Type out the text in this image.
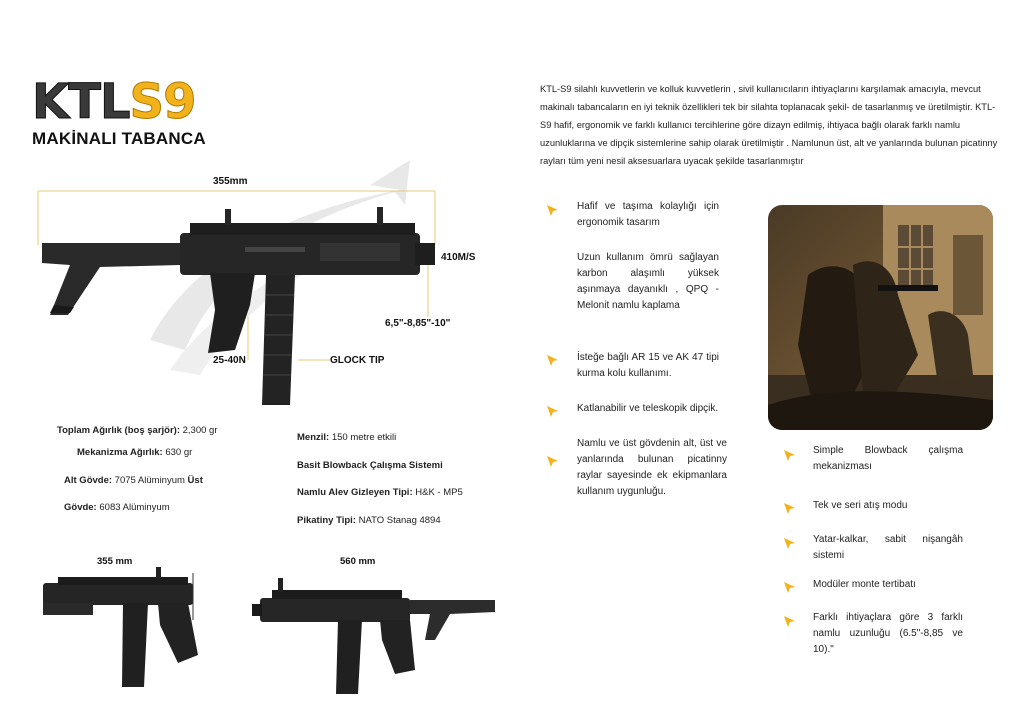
KTLS9
MAKİNALI TABANCA
KTL-S9 silahlı kuvvetlerin ve kolluk kuvvetlerin , sivil kullanıcıların ihtiyaçlarını karşılamak amacıyla, mevcut makinalı tabancaların en iyi teknik özellikleri tek bir silahta toplanacak şekil- de tasarlanmış ve üretilmiştir. KTL-S9 hafif, ergonomik ve farklı kullanıcı tercihlerine göre dizayn edilmiş, ihtiyaca bağlı olarak farklı namlu uzunluklarına ve dipçik sistemlerine sahip olarak üretilmiştir . Namlunun üst, alt ve yanlarında bulunan picatinny rayları tüm yeni nesil aksesuarlara uyacak şekilde tasarlanmıştır
355mm
410M/S
6,5"-8,85"-10"
25-40N	GLOCK TIP
Toplam Ağırlık (boş şarjör): 2,300 gr
Mekanizma Ağırlık: 630 gr
Alt Gövde: 7075 Alüminyum Üst
Gövde: 6083 Alüminyum
Menzil: 150 metre etkili
Basit Blowback Çalışma Sistemi
Namlu Alev Gizleyen Tipi: H&K - MP5
Pikatiny Tipi: NATO Stanag 4894
355 mm	560 mm
Hafif ve taşıma kolaylığı için ergonomik tasarım
Uzun kullanım ömrü sağlayan karbon alaşımlı yüksek aşınmaya dayanıklı , QPQ - Melonit namlu kaplama
İsteğe bağlı AR 15 ve AK 47 tipi kurma kolu kullanımı.
Katlanabilir ve teleskopik dipçik.
Namlu ve üst gövdenin alt, üst ve yanlarında bulunan picatinny raylar sayesinde ek ekipmanlara kullanım uygunluğu.
Simple Blowback çalışma mekanizması
Tek ve seri atış modu
Yatar-kalkar, sabit nişangâh sistemi
Modüler monte tertibatı
Farklı ihtiyaçlara göre 3 farklı namlu uzunluğu (6.5"-8,85 ve 10)."
